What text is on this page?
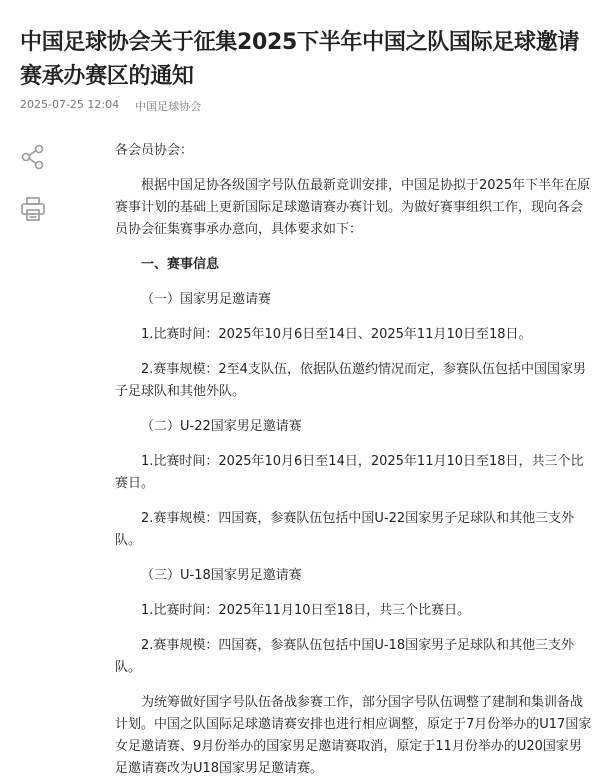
中国足球协会关于征集2025下半年中国之队国际足球邀请赛承办赛区的通知
2025-07-25 12:04 中国足球协会

各会员协会：

根据中国足协各级国字号队伍最新竞训安排，中国足协拟于2025年下半年在原赛事计划的基础上更新国际足球邀请赛办赛计划。为做好赛事组织工作，现向各会员协会征集赛事承办意向，具体要求如下：

一、赛事信息

（一）国家男足邀请赛

1.比赛时间：2025年10月6日至14日、2025年11月10日至18日。

2.赛事规模：2至4支队伍，依据队伍邀约情况而定，参赛队伍包括中国国家男子足球队和其他外队。

（二）U-22国家男足邀请赛

1.比赛时间：2025年10月6日至14日，2025年11月10日至18日，共三个比赛日。

2.赛事规模：四国赛，参赛队伍包括中国U-22国家男子足球队和其他三支外队。

（三）U-18国家男足邀请赛

1.比赛时间：2025年11月10日至18日，共三个比赛日。

2.赛事规模：四国赛，参赛队伍包括中国U-18国家男子足球队和其他三支外队。

为统筹做好国字号队伍备战参赛工作，部分国字号队伍调整了建制和集训备战计划。中国之队国际足球邀请赛安排也进行相应调整，原定于7月份举办的U17国家女足邀请赛、9月份举办的国家男足邀请赛取消，原定于11月份举办的U20国家男足邀请赛改为U18国家男足邀请赛。
